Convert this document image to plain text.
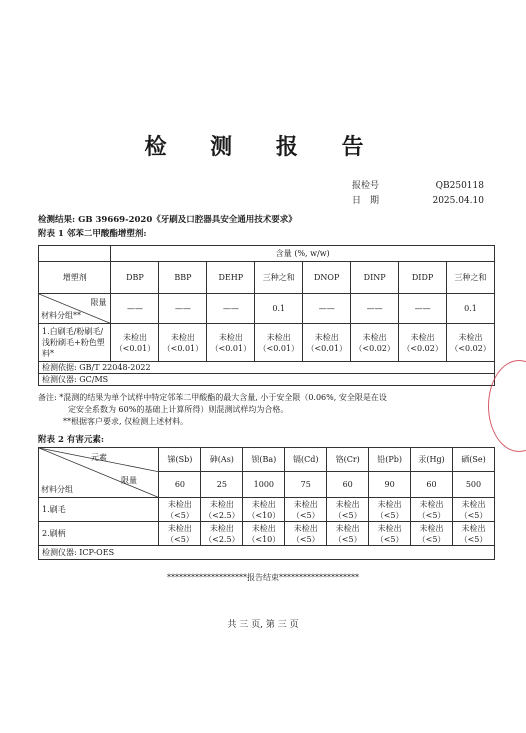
检 测 报 告
报检号	QB250118
日　期	2025.04.10
检测结果: GB 39669-2020《牙刷及口腔器具安全通用技术要求》
附表 1 邻苯二甲酸酯增塑剂:
	含量 (%, w/w)							
增塑剂	DBP	BBP	DEHP	三种之和	DNOP	DINP	DIDP	三种之和

限量
材料分组**	——	——	——	0.1	——	——	——	0.1
1.白刷毛/粉刷毛/浅粉刷毛+粉色塑料*	未检出（<0.01）	未检出（<0.01）	未检出（<0.01）	未检出（<0.01）	未检出（<0.01）	未检出（<0.02）	未检出（<0.02）	未检出（<0.02）
检测依据: GB/T 22048-2022								
检测仪器: GC/MS								
备注: *混测的结果为单个试样中特定邻苯二甲酸酯的最大含量, 小于安全限（0.06%, 安全限是在设
定安全系数为 60%的基础上计算所得）则混测试样均为合格。
**根据客户要求, 仅检测上述材料。
附表 2 有害元素:
元素
限量
材料分组	锑(Sb)	砷(As)	钡(Ba)	镉(Cd)	铬(Cr)	铅(Pb)	汞(Hg)	硒(Se)
	60	25	1000	75	60	90	60	500
1.刷毛	未检出（<5）	未检出（<2.5）	未检出（<10）	未检出（<5）	未检出（<5）	未检出（<5）	未检出（<5）	未检出（<5）
2.刷柄	未检出（<5）	未检出（<2.5）	未检出（<10）	未检出（<5）	未检出（<5）	未检出（<5）	未检出（<5）	未检出（<5）
检测仪器: ICP-OES								

********************报告结束********************
共 三 页, 第 三 页
